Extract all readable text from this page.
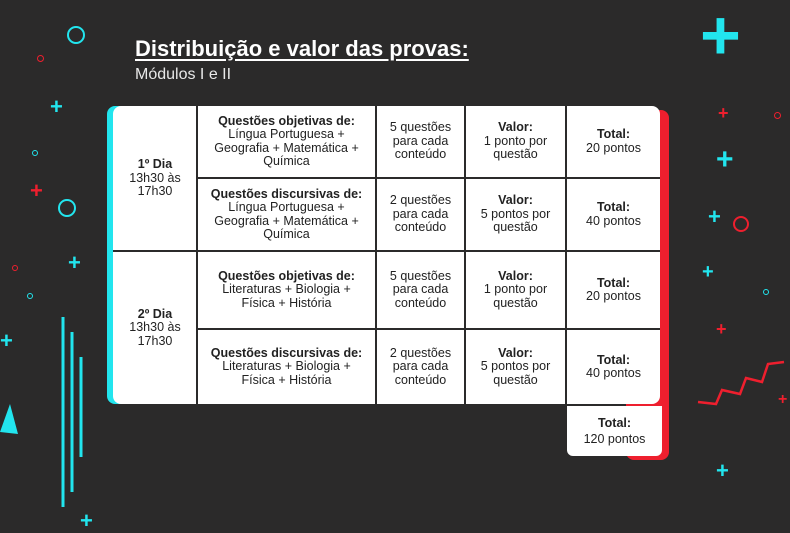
+
+
+
+
+
+
+
+
+
+
+
+
+
Distribuição e valor das provas:
Módulos I e II
1º Dia
13h30 às
17h30
Questões objetivas de:
Língua Portuguesa +
Geografia + Matemática +
Química
5 questões
para cada
conteúdo
Valor:
1 ponto por
questão
Total:
20 pontos
Questões discursivas de:
Língua Portuguesa +
Geografia + Matemática +
Química
2 questões
para cada
conteúdo
Valor:
5 pontos por
questão
Total:
40 pontos
2º Dia
13h30 às
17h30
Questões objetivas de:
Literaturas + Biologia +
Física + História
5 questões
para cada
conteúdo
Valor:
1 ponto por
questão
Total:
20 pontos
Questões discursivas de:
Literaturas + Biologia +
Física + História
2 questões
para cada
conteúdo
Valor:
5 pontos por
questão
Total:
40 pontos
Total:
120 pontos
